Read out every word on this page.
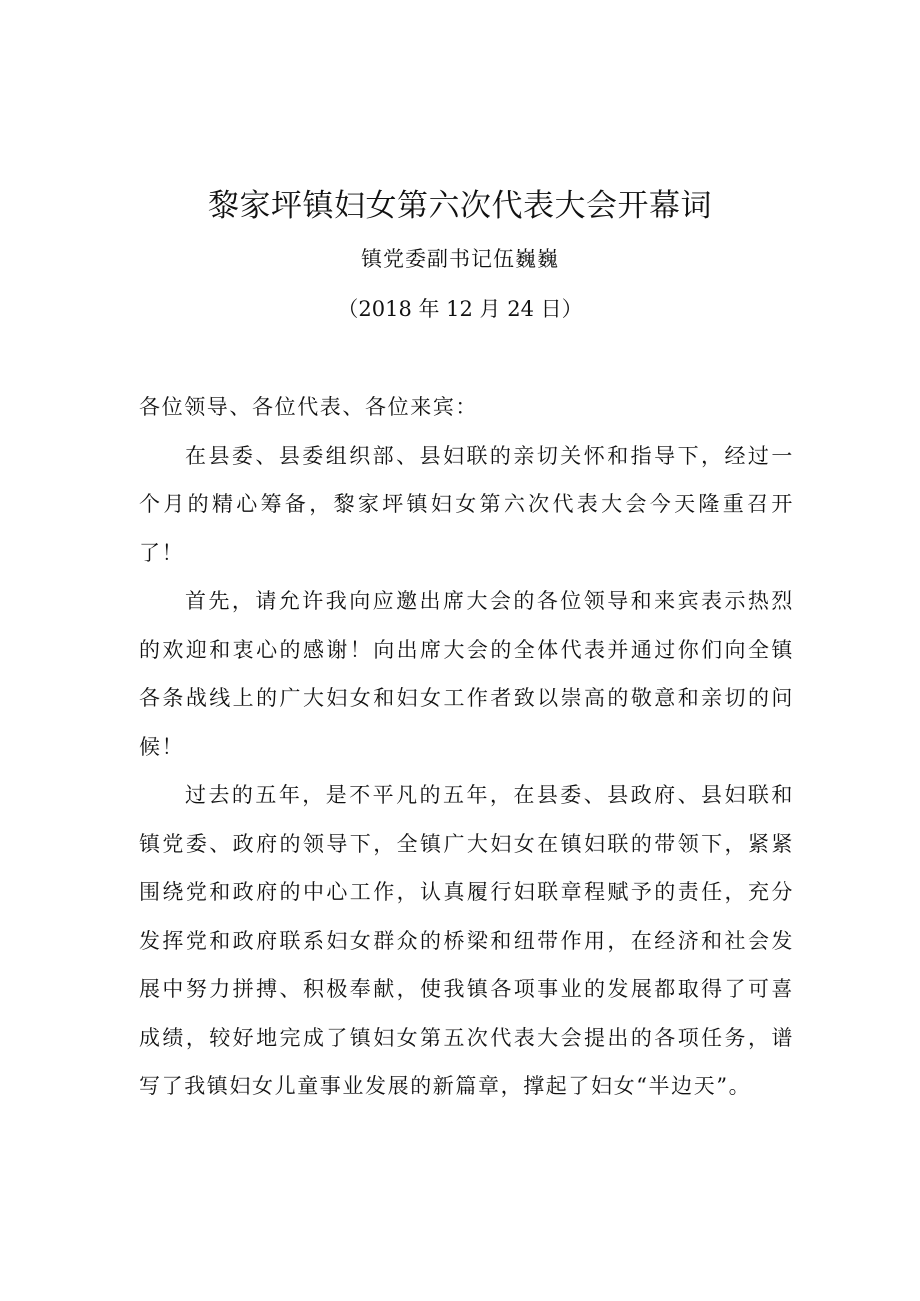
黎家坪镇妇女第六次代表大会开幕词
镇党委副书记伍巍巍
（2018 年 12 月 24 日）

各位领导、各位代表、各位来宾：

在县委、县委组织部、县妇联的亲切关怀和指导下，经过一个月的精心筹备，黎家坪镇妇女第六次代表大会今天隆重召开了！

首先，请允许我向应邀出席大会的各位领导和来宾表示热烈的欢迎和衷心的感谢！向出席大会的全体代表并通过你们向全镇各条战线上的广大妇女和妇女工作者致以崇高的敬意和亲切的问候！

过去的五年，是不平凡的五年，在县委、县政府、县妇联和镇党委、政府的领导下，全镇广大妇女在镇妇联的带领下，紧紧围绕党和政府的中心工作，认真履行妇联章程赋予的责任，充分发挥党和政府联系妇女群众的桥梁和纽带作用，在经济和社会发展中努力拼搏、积极奉献，使我镇各项事业的发展都取得了可喜成绩，较好地完成了镇妇女第五次代表大会提出的各项任务，谱写了我镇妇女儿童事业发展的新篇章，撑起了妇女“半边天”。
